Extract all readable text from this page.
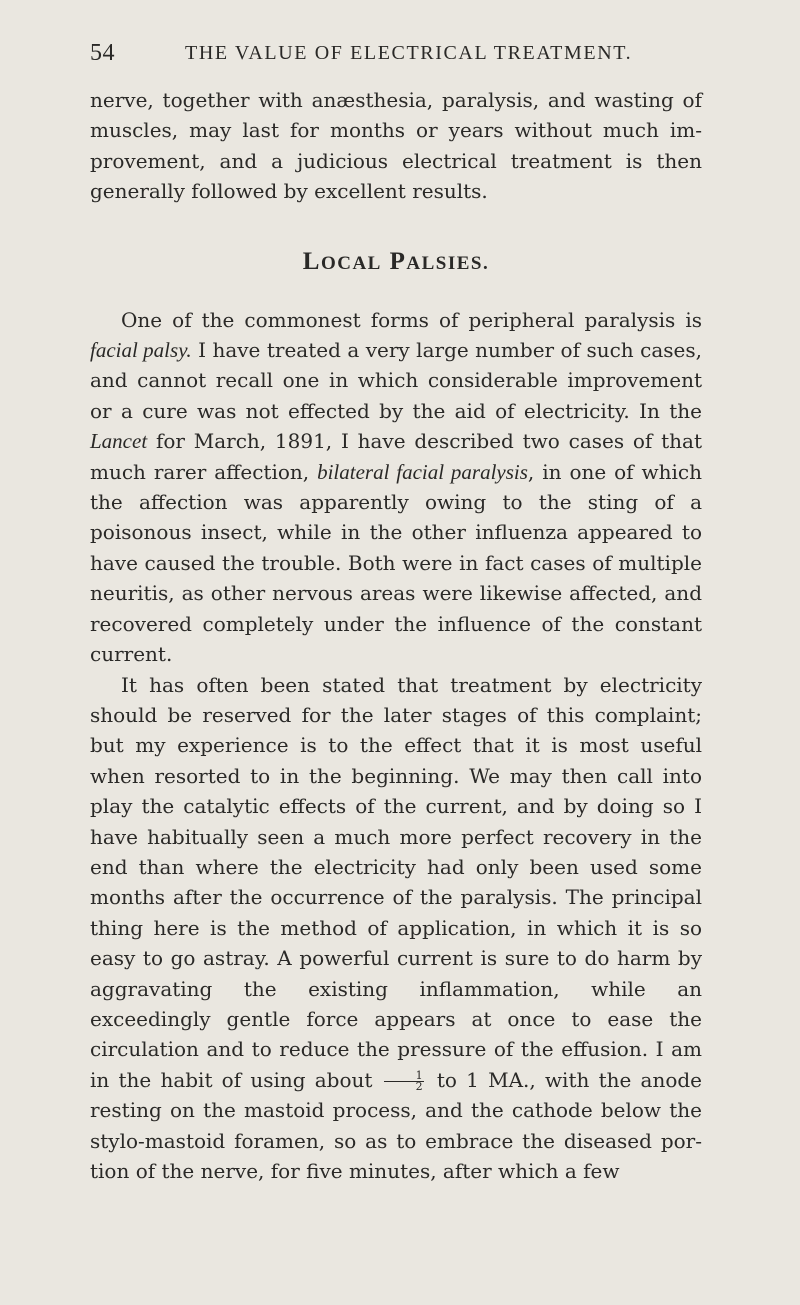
54	THE VALUE OF ELECTRICAL TREATMENT.

nerve, together with anæsthesia, paralysis, and wasting of muscles, may last for months or years without much improvement, and a judicious electrical treatment is then generally followed by excellent results.

LOCAL PALSIES.

One of the commonest forms of peripheral paralysis is facial palsy. I have treated a very large number of such cases, and cannot recall one in which considerable improvement or a cure was not effected by the aid of electricity. In the Lancet for March, 1891, I have described two cases of that much rarer affection, bilateral facial paralysis, in one of which the affection was apparently owing to the sting of a poisonous insect, while in the other influenza appeared to have caused the trouble. Both were in fact cases of multiple neuritis, as other nervous areas were likewise affected, and recovered completely under the influence of the constant current.

It has often been stated that treatment by electricity should be reserved for the later stages of this complaint; but my experience is to the effect that it is most useful when resorted to in the beginning. We may then call into play the catalytic effects of the current, and by doing so I have habitually seen a much more perfect recovery in the end than where the electricity had only been used some months after the occurrence of the paralysis. The principal thing here is the method of application, in which it is so easy to go astray. A powerful current is sure to do harm by aggravating the existing inflammation, while an exceedingly gentle force appears at once to ease the circulation and to reduce the pressure of the effusion. I am in the habit of using about $\frac{1}{2}$ to 1 MA., with the anode resting on the mastoid process, and the cathode below the stylo-mastoid foramen, so as to embrace the diseased portion of the nerve, for five minutes, after which a few
